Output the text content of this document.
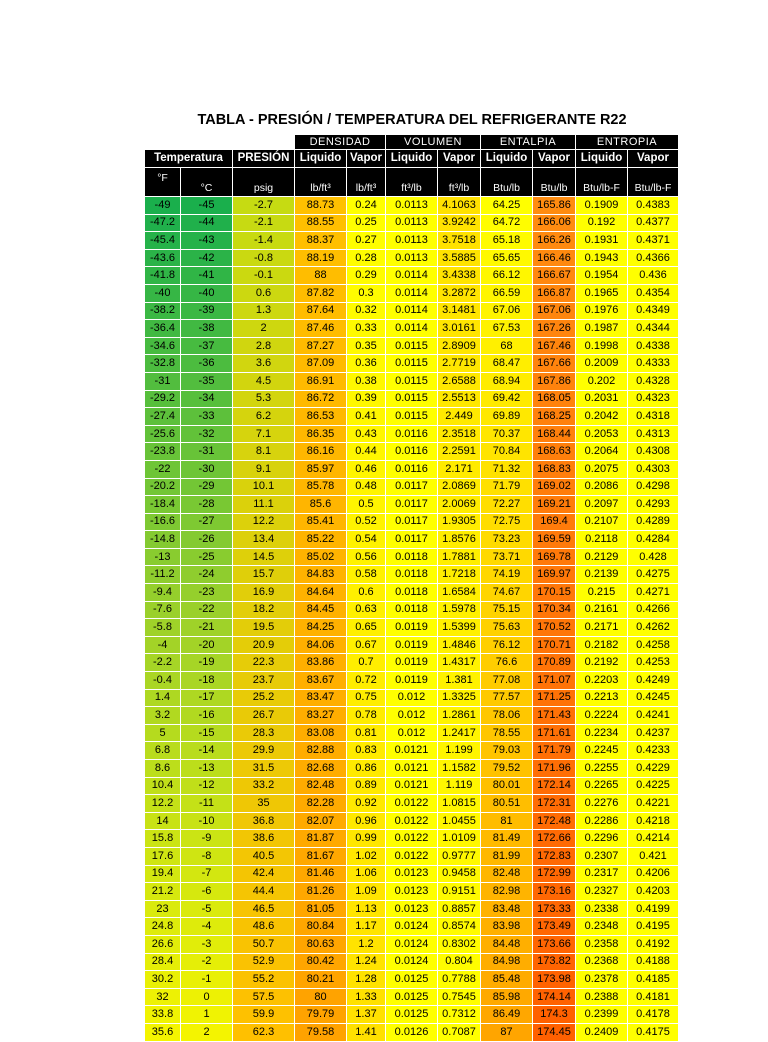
TABLA - PRESIÓN / TEMPERATURA DEL REFRIGERANTE R22
			DENSIDAD		VOLUMEN		ENTALPIA		ENTROPIA	
Temperatura		PRESIÓN	Liquido	Vapor	Liquido	Vapor	Liquido	Vapor	Liquido	Vapor

°F	°C	psig	lb/ft³	lb/ft³	ft³/lb	ft³/lb	Btu/lb	Btu/lb	Btu/lb-F	Btu/lb-F

-49	-45	-2.7	88.73	0.24	0.0113	4.1063	64.25	165.86	0.1909	0.4383
-47.2	-44	-2.1	88.55	0.25	0.0113	3.9242	64.72	166.06	0.192	0.4377
-45.4	-43	-1.4	88.37	0.27	0.0113	3.7518	65.18	166.26	0.1931	0.4371
-43.6	-42	-0.8	88.19	0.28	0.0113	3.5885	65.65	166.46	0.1943	0.4366
-41.8	-41	-0.1	88	0.29	0.0114	3.4338	66.12	166.67	0.1954	0.436
-40	-40	0.6	87.82	0.3	0.0114	3.2872	66.59	166.87	0.1965	0.4354
-38.2	-39	1.3	87.64	0.32	0.0114	3.1481	67.06	167.06	0.1976	0.4349
-36.4	-38	2	87.46	0.33	0.0114	3.0161	67.53	167.26	0.1987	0.4344
-34.6	-37	2.8	87.27	0.35	0.0115	2.8909	68	167.46	0.1998	0.4338
-32.8	-36	3.6	87.09	0.36	0.0115	2.7719	68.47	167.66	0.2009	0.4333
-31	-35	4.5	86.91	0.38	0.0115	2.6588	68.94	167.86	0.202	0.4328
-29.2	-34	5.3	86.72	0.39	0.0115	2.5513	69.42	168.05	0.2031	0.4323
-27.4	-33	6.2	86.53	0.41	0.0115	2.449	69.89	168.25	0.2042	0.4318
-25.6	-32	7.1	86.35	0.43	0.0116	2.3518	70.37	168.44	0.2053	0.4313
-23.8	-31	8.1	86.16	0.44	0.0116	2.2591	70.84	168.63	0.2064	0.4308
-22	-30	9.1	85.97	0.46	0.0116	2.171	71.32	168.83	0.2075	0.4303
-20.2	-29	10.1	85.78	0.48	0.0117	2.0869	71.79	169.02	0.2086	0.4298
-18.4	-28	11.1	85.6	0.5	0.0117	2.0069	72.27	169.21	0.2097	0.4293
-16.6	-27	12.2	85.41	0.52	0.0117	1.9305	72.75	169.4	0.2107	0.4289
-14.8	-26	13.4	85.22	0.54	0.0117	1.8576	73.23	169.59	0.2118	0.4284
-13	-25	14.5	85.02	0.56	0.0118	1.7881	73.71	169.78	0.2129	0.428
-11.2	-24	15.7	84.83	0.58	0.0118	1.7218	74.19	169.97	0.2139	0.4275
-9.4	-23	16.9	84.64	0.6	0.0118	1.6584	74.67	170.15	0.215	0.4271
-7.6	-22	18.2	84.45	0.63	0.0118	1.5978	75.15	170.34	0.2161	0.4266
-5.8	-21	19.5	84.25	0.65	0.0119	1.5399	75.63	170.52	0.2171	0.4262
-4	-20	20.9	84.06	0.67	0.0119	1.4846	76.12	170.71	0.2182	0.4258
-2.2	-19	22.3	83.86	0.7	0.0119	1.4317	76.6	170.89	0.2192	0.4253
-0.4	-18	23.7	83.67	0.72	0.0119	1.381	77.08	171.07	0.2203	0.4249
1.4	-17	25.2	83.47	0.75	0.012	1.3325	77.57	171.25	0.2213	0.4245
3.2	-16	26.7	83.27	0.78	0.012	1.2861	78.06	171.43	0.2224	0.4241
5	-15	28.3	83.08	0.81	0.012	1.2417	78.55	171.61	0.2234	0.4237
6.8	-14	29.9	82.88	0.83	0.0121	1.199	79.03	171.79	0.2245	0.4233
8.6	-13	31.5	82.68	0.86	0.0121	1.1582	79.52	171.96	0.2255	0.4229
10.4	-12	33.2	82.48	0.89	0.0121	1.119	80.01	172.14	0.2265	0.4225
12.2	-11	35	82.28	0.92	0.0122	1.0815	80.51	172.31	0.2276	0.4221
14	-10	36.8	82.07	0.96	0.0122	1.0455	81	172.48	0.2286	0.4218
15.8	-9	38.6	81.87	0.99	0.0122	1.0109	81.49	172.66	0.2296	0.4214
17.6	-8	40.5	81.67	1.02	0.0122	0.9777	81.99	172.83	0.2307	0.421
19.4	-7	42.4	81.46	1.06	0.0123	0.9458	82.48	172.99	0.2317	0.4206
21.2	-6	44.4	81.26	1.09	0.0123	0.9151	82.98	173.16	0.2327	0.4203
23	-5	46.5	81.05	1.13	0.0123	0.8857	83.48	173.33	0.2338	0.4199
24.8	-4	48.6	80.84	1.17	0.0124	0.8574	83.98	173.49	0.2348	0.4195
26.6	-3	50.7	80.63	1.2	0.0124	0.8302	84.48	173.66	0.2358	0.4192
28.4	-2	52.9	80.42	1.24	0.0124	0.804	84.98	173.82	0.2368	0.4188
30.2	-1	55.2	80.21	1.28	0.0125	0.7788	85.48	173.98	0.2378	0.4185
32	0	57.5	80	1.33	0.0125	0.7545	85.98	174.14	0.2388	0.4181
33.8	1	59.9	79.79	1.37	0.0125	0.7312	86.49	174.3	0.2399	0.4178
35.6	2	62.3	79.58	1.41	0.0126	0.7087	87	174.45	0.2409	0.4175
